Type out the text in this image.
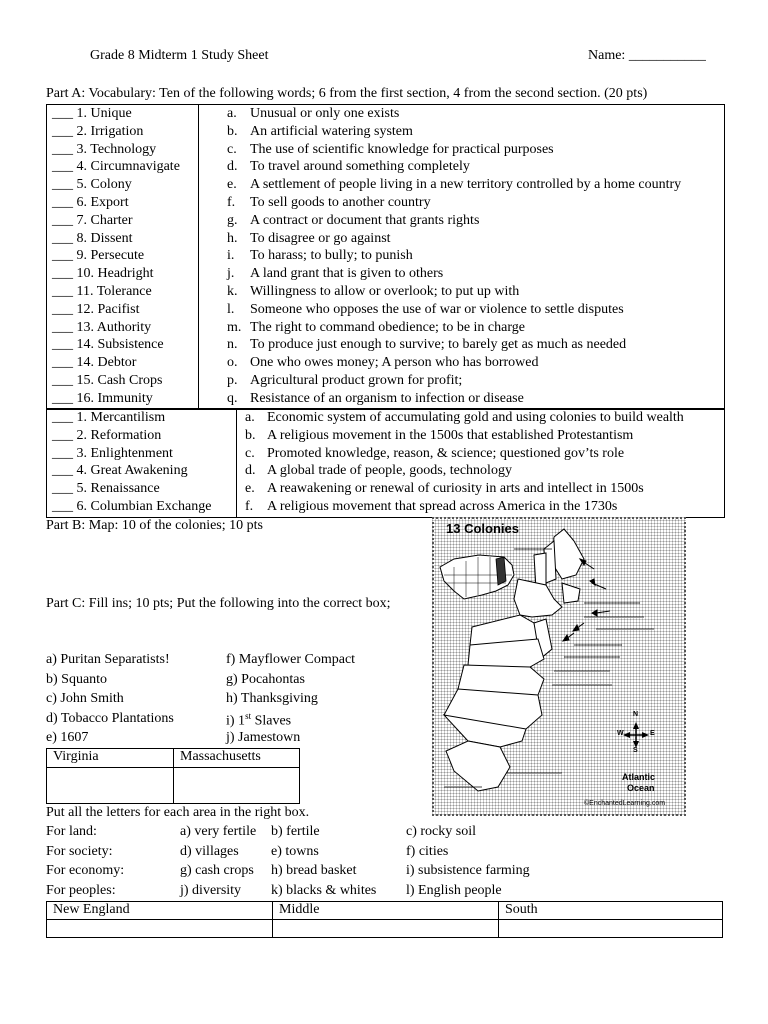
Grade 8 Midterm 1 Study Sheet	Name: ___________
Part A: Vocabulary: Ten of the following words; 6 from the first section, 4 from the second section. (20 pts)
___ 1. Unique	a. Unusual or only one exists
___ 2. Irrigation	b. An artificial watering system
___ 3. Technology	c. The use of scientific knowledge for practical purposes
___ 4. Circumnavigate	d. To travel around something completely
___ 5. Colony	e. A settlement of people living in a new territory controlled by a home country
___ 6. Export	f. To sell goods to another country
___ 7. Charter	g. A contract or document that grants rights
___ 8. Dissent	h. To disagree or go against
___ 9. Persecute	i. To harass; to bully; to punish
___ 10. Headright	j. A land grant that is given to others
___ 11. Tolerance	k. Willingness to allow or overlook; to put up with
___ 12. Pacifist	l. Someone who opposes the use of war or violence to settle disputes
___ 13. Authority	m. The right to command obedience; to be in charge
___ 14. Subsistence	n. To produce just enough to survive; to barely get as much as needed
___ 14. Debtor	o. One who owes money; A person who has borrowed
___ 15. Cash Crops	p. Agricultural product grown for profit;
___ 16. Immunity	q. Resistance of an organism to infection or disease
___ 1. Mercantilism	a. Economic system of accumulating gold and using colonies to build wealth
___ 2. Reformation	b. A religious movement in the 1500s that established Protestantism
___ 3. Enlightenment	c. Promoted knowledge, reason, & science; questioned gov’ts role
___ 4. Great Awakening	d. A global trade of people, goods, technology
___ 5. Renaissance	e. A reawakening or renewal of curiosity in arts and intellect in 1500s
___ 6. Columbian Exchange f. A religious movement that spread across America in the 1730s
Part B: Map: 10 of the colonies; 10 pts	13 Colonies
N
S
W	E
Atlantic
Ocean
©EnchantedLearning.com
Part C: Fill ins; 10 pts; Put the following into the correct box;
a) Puritan Separatists!
b) Squanto
c) John Smith
d) Tobacco Plantations
e) 1607
f) Mayflower Compact
g) Pocahontas
h) Thanksgiving
i) 1st Slaves
j) Jamestown
Virginia	Massachusetts

Put all the letters for each area in the right box.
For land:	a) very fertile b) fertile	c) rocky soil
For society:	d) villages e) towns	f) cities
For economy:	g) cash crops h) bread basket	i) subsistence farming
For peoples:	j) diversity k) blacks & whites l) English people
New England	Middle	South
